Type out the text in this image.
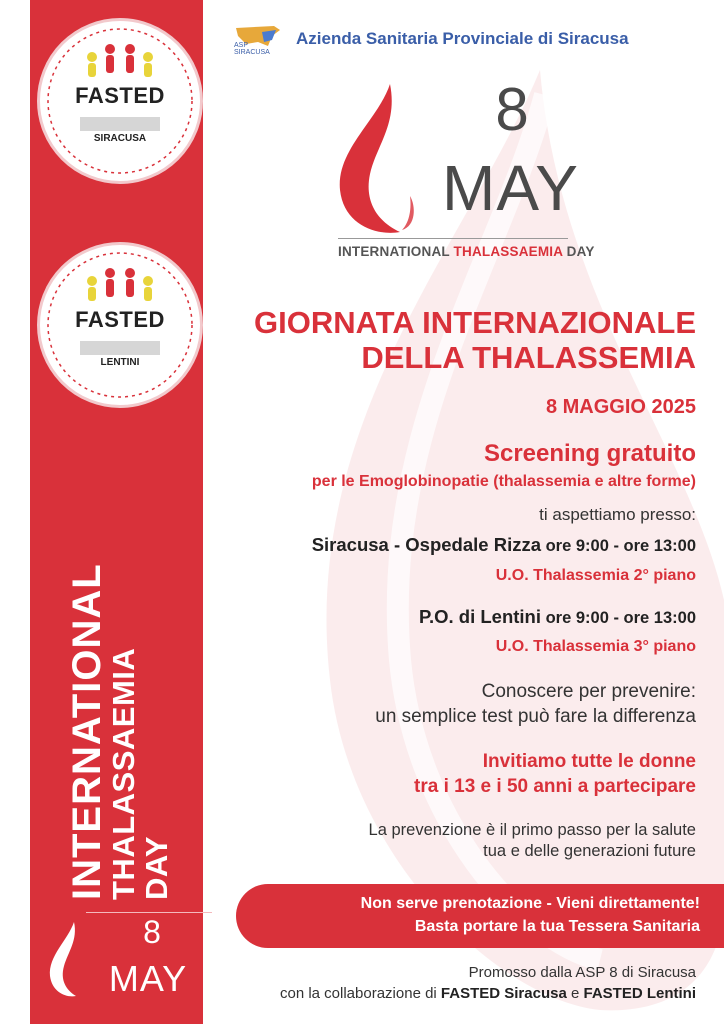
FASTED
SIRACUSA
FASTED
LENTINI
INTERNATIONAL
THALASSAEMIA DAY
8
MAY
ASP SIRACUSA
Azienda Sanitaria Provinciale di Siracusa
8
MAY
INTERNATIONAL THALASSAEMIA DAY
GIORNATA INTERNAZIONALE
DELLA THALASSEMIA
8 MAGGIO 2025
Screening gratuito
per le Emoglobinopatie (thalassemia e altre forme)
ti aspettiamo presso:
Siracusa - Ospedale Rizza ore 9:00 - ore 13:00
U.O. Thalassemia 2° piano
P.O. di Lentini ore 9:00 - ore 13:00
U.O. Thalassemia 3° piano
Conoscere per prevenire:
un semplice test può fare la differenza
Invitiamo tutte le donne
tra i 13 e i 50 anni a partecipare
La prevenzione è il primo passo per la salute
tua e delle generazioni future
Non serve prenotazione - Vieni direttamente!
Basta portare la tua Tessera Sanitaria
Promosso dalla ASP 8 di Siracusa
con la collaborazione di FASTED Siracusa e FASTED Lentini
